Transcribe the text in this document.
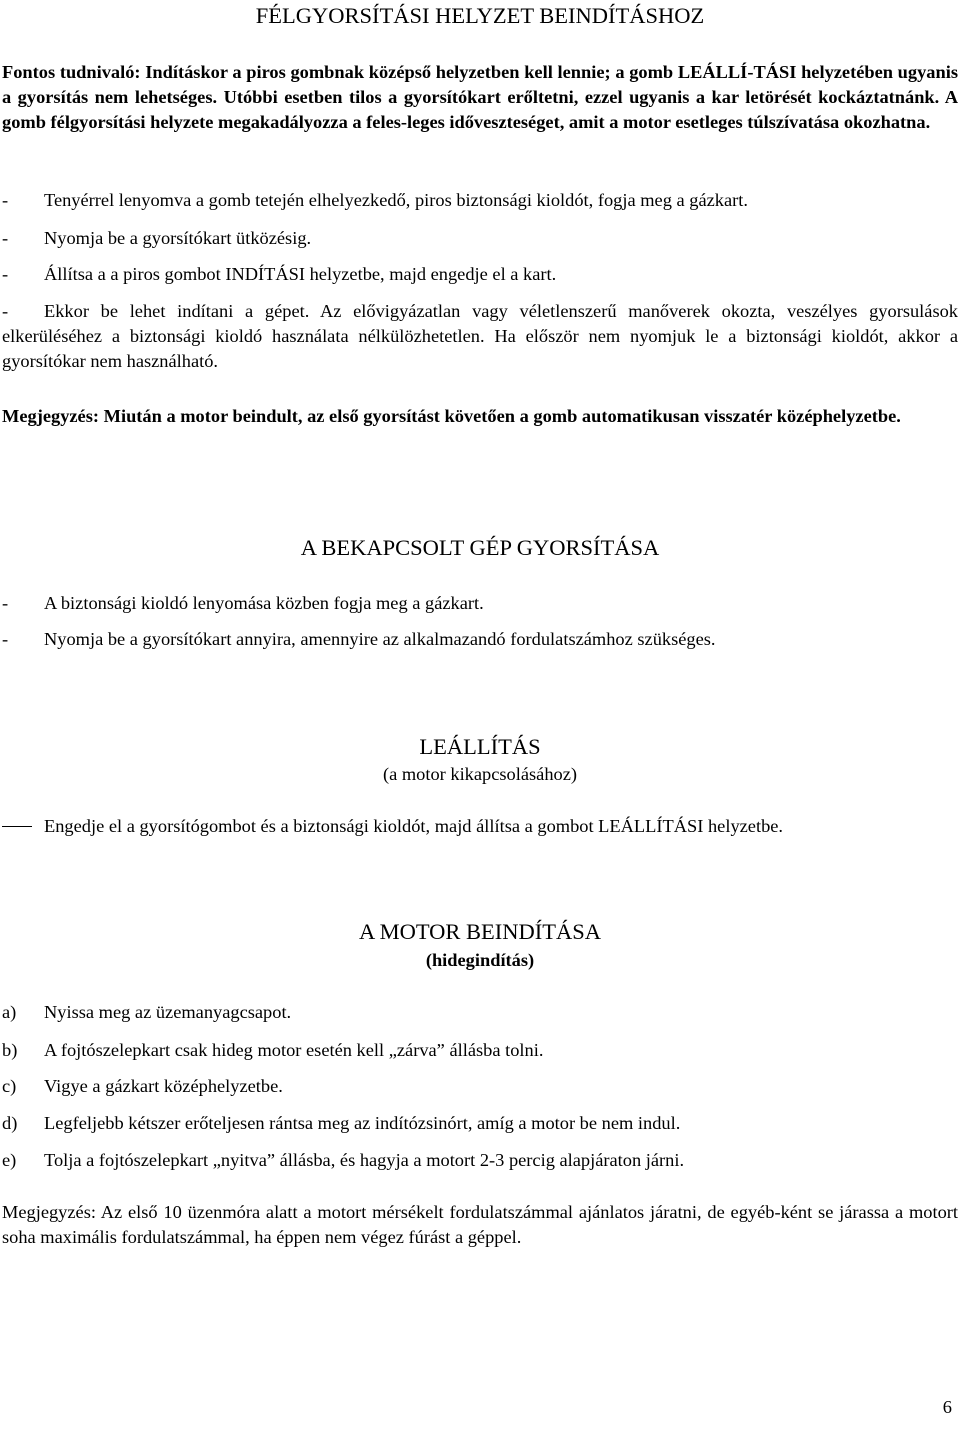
FÉLGYORSÍTÁSI HELYZET BEINDÍTÁSHOZ
Fontos tudnivaló: Indításkor a piros gombnak középső helyzetben kell lennie; a gomb LEÁLLÍ-TÁSI helyzetében ugyanis a gyorsítás nem lehetséges. Utóbbi esetben tilos a gyorsítókart erőltetni, ezzel ugyanis a kar letörését kockáztatnánk. A gomb félgyorsítási helyzete megakadályozza a feles-leges időveszteséget, amit a motor esetleges túlszívatása okozhatna.
- Tenyérrel lenyomva a gomb tetején elhelyezkedő, piros biztonsági kioldót, fogja meg a gázkart.
- Nyomja be a gyorsítókart ütközésig.
- Állítsa a a piros gombot INDÍTÁSI helyzetbe, majd engedje el a kart.
- Ekkor be lehet indítani a gépet. Az elővigyázatlan vagy véletlenszerű manőverek okozta, veszélyes gyorsulások elkerüléséhez a biztonsági kioldó használata nélkülözhetetlen. Ha először nem nyomjuk le a biztonsági kioldót, akkor a gyorsítókar nem használható.
Megjegyzés: Miután a motor beindult, az első gyorsítást követően a gomb automatikusan visszatér középhelyzetbe.
A BEKAPCSOLT GÉP GYORSÍTÁSA
- A biztonsági kioldó lenyomása közben fogja meg a gázkart.
- Nyomja be a gyorsítókart annyira, amennyire az alkalmazandó fordulatszámhoz szükséges.
LEÁLLÍTÁS
(a motor kikapcsolásához)
Engedje el a gyorsítógombot és a biztonsági kioldót, majd állítsa a gombot LEÁLLÍTÁSI helyzetbe.
A MOTOR BEINDÍTÁSA
(hidegindítás)
a) Nyissa meg az üzemanyagcsapot.
b) A fojtószelepkart csak hideg motor esetén kell „zárva” állásba tolni.
c) Vigye a gázkart középhelyzetbe.
d) Legfeljebb kétszer erőteljesen rántsa meg az indítózsinórt, amíg a motor be nem indul.
e) Tolja a fojtószelepkart „nyitva” állásba, és hagyja a motort 2-3 percig alapjáraton járni.
Megjegyzés: Az első 10 üzenmóra alatt a motort mérsékelt fordulatszámmal ajánlatos járatni, de egyéb-ként se járassa a motort soha maximális fordulatszámmal, ha éppen nem végez fúrást a géppel.
6
